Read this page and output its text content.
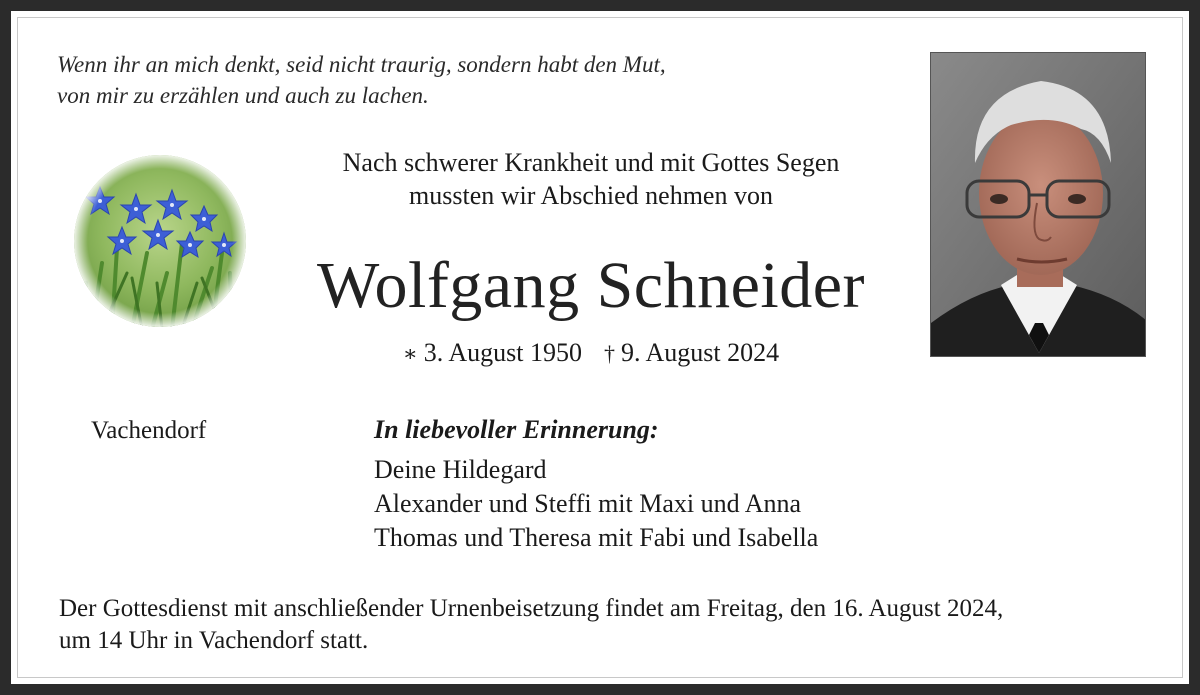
Wenn ihr an mich denkt, seid nicht traurig, sondern habt den Mut,
von mir zu erzählen und auch zu lachen.
Nach schwerer Krankheit und mit Gottes Segen
mussten wir Abschied nehmen von
Wolfgang Schneider
∗ 3. August 1950 † 9. August 2024
Vachendorf	In liebevoller Erinnerung:
Deine Hildegard
Alexander und Steffi mit Maxi und Anna
Thomas und Theresa mit Fabi und Isabella
Der Gottesdienst mit anschließender Urnenbeisetzung findet am Freitag, den 16. August 2024,
um 14 Uhr in Vachendorf statt.
